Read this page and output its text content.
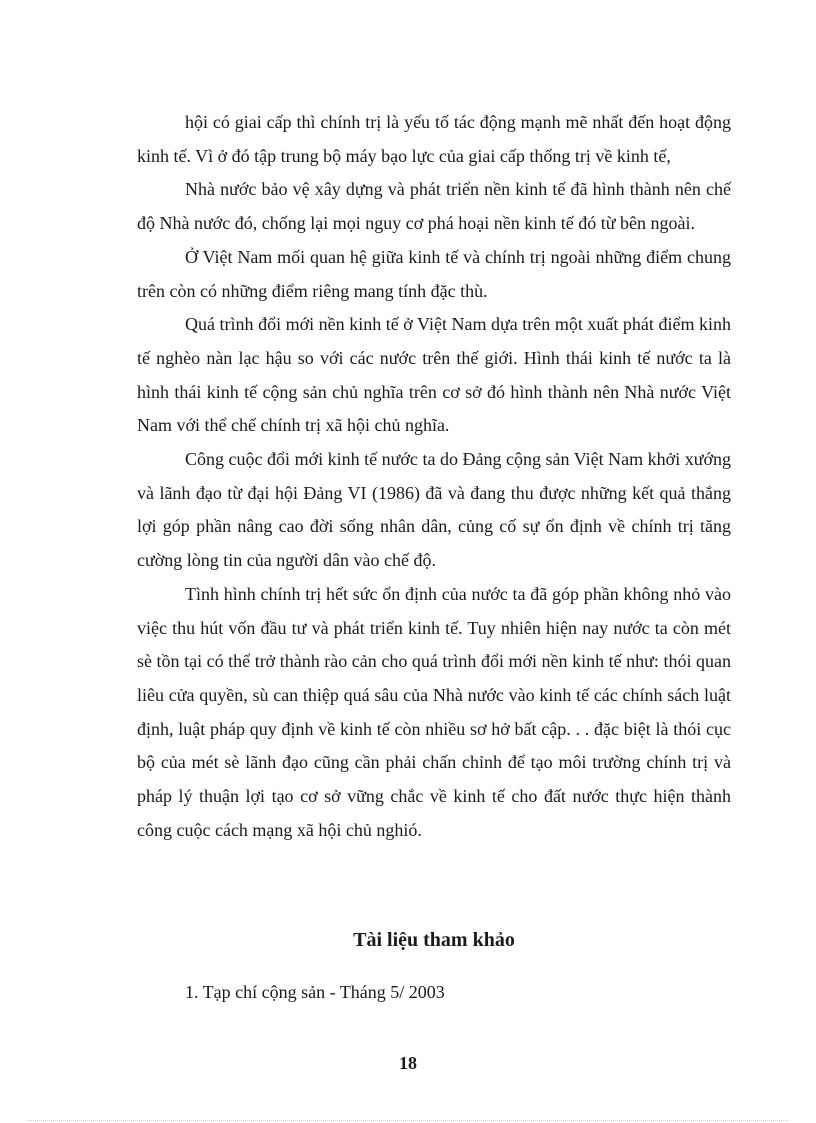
hội có giai cấp thì chính trị là yếu tố tác động mạnh mẽ nhất đến hoạt động kinh tế. Vì ở đó tập trung bộ máy bạo lực của giai cấp thống trị về kinh tế,

Nhà nước bảo vệ xây dựng và phát triển nền kinh tế đã hình thành nên chế độ Nhà nước đó, chống lại mọi nguy cơ phá hoại nền kinh tế đó từ bên ngoài.

Ở Việt Nam mối quan hệ giữa kinh tế và chính trị ngoài những điểm chung trên còn có những điểm riêng mang tính đặc thù.

Quá trình đổi mới nền kinh tế ở Việt Nam dựa trên một xuất phát điểm kinh tế nghèo nàn lạc hậu so với các nước trên thế giới. Hình thái kinh tế nước ta là hình thái kinh tế cộng sản chủ nghĩa trên cơ sở đó hình thành nên Nhà nước Việt Nam với thể chế chính trị xã hội chủ nghĩa.

Công cuộc đổi mới kinh tế nước ta do Đảng cộng sản Việt Nam khởi xướng và lãnh đạo từ đại hội Đảng VI (1986) đã và đang thu được những kết quả thắng lợi góp phần nâng cao đời sống nhân dân, củng cố sự ổn định về chính trị tăng cường lòng tin của người dân vào chế độ.

Tình hình chính trị hết sức ổn định của nước ta đã góp phần không nhỏ vào việc thu hút vốn đầu tư và phát triển kinh tế. Tuy nhiên hiện nay nước ta còn mét sè tồn tại có thể trở thành rào cản cho quá trình đổi mới nền kinh tế như: thói quan liêu cửa quyền, sù can thiệp quá sâu của Nhà nước vào kinh tế các chính sách luật định, luật pháp quy định về kinh tế còn nhiều sơ hở bất cập. . . đặc biệt là thói cục bộ của mét sè lãnh đạo cũng cần phải chấn chỉnh để tạo môi trường chính trị và pháp lý thuận lợi tạo cơ sở vững chắc về kinh tế cho đất nước thực hiện thành công cuộc cách mạng xã hội chủ nghió.

Tài liệu tham khảo
1. Tạp chí cộng sản - Tháng 5/ 2003
18
